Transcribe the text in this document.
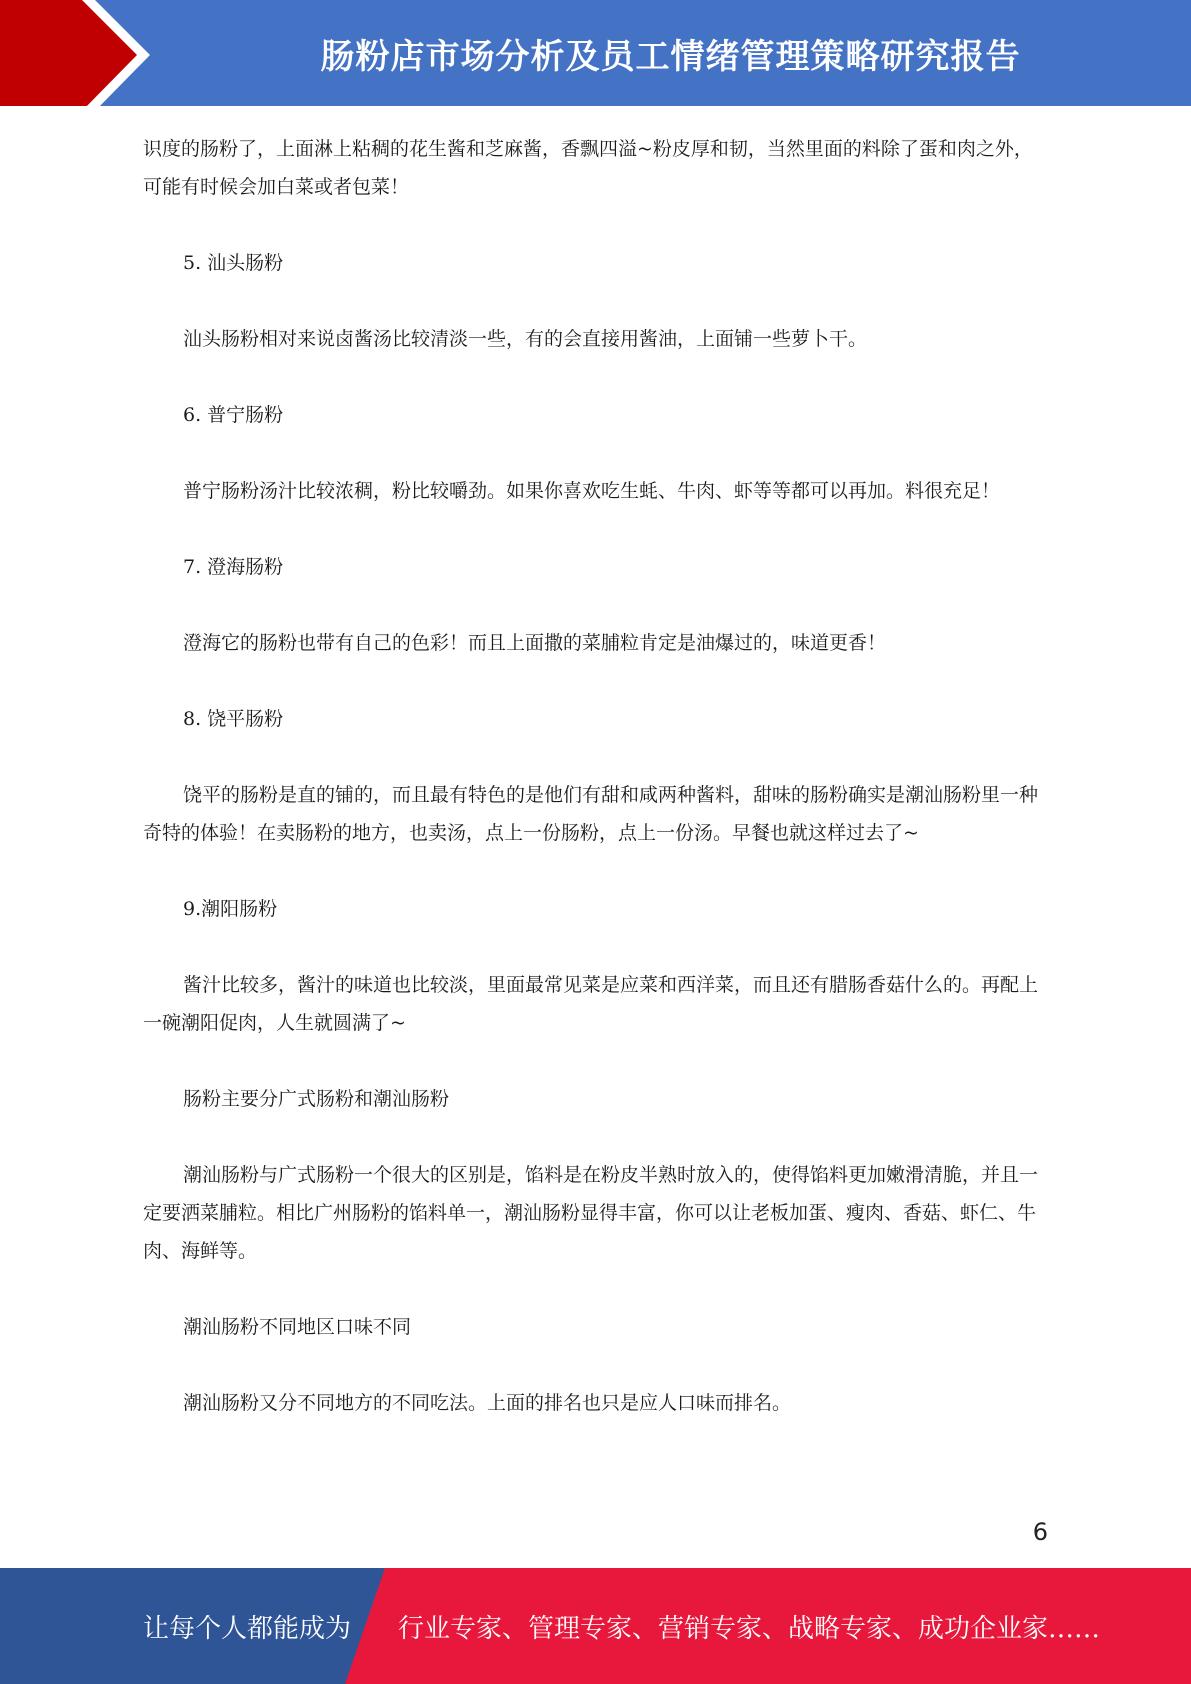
肠粉店市场分析及员工情绪管理策略研究报告

识度的肠粉了，上面淋上粘稠的花生酱和芝麻酱，香飘四溢~粉皮厚和韧，当然里面的料除了蛋和肉之外，可能有时候会加白菜或者包菜！

5. 汕头肠粉

汕头肠粉相对来说卤酱汤比较清淡一些，有的会直接用酱油，上面铺一些萝卜干。

6. 普宁肠粉

普宁肠粉汤汁比较浓稠，粉比较嚼劲。如果你喜欢吃生蚝、牛肉、虾等等都可以再加。料很充足！

7. 澄海肠粉

澄海它的肠粉也带有自己的色彩！而且上面撒的菜脯粒肯定是油爆过的，味道更香！

8. 饶平肠粉

饶平的肠粉是直的铺的，而且最有特色的是他们有甜和咸两种酱料，甜味的肠粉确实是潮汕肠粉里一种奇特的体验！在卖肠粉的地方，也卖汤，点上一份肠粉，点上一份汤。早餐也就这样过去了~

9.潮阳肠粉

酱汁比较多，酱汁的味道也比较淡，里面最常见菜是应菜和西洋菜，而且还有腊肠香菇什么的。再配上一碗潮阳促肉，人生就圆满了~

肠粉主要分广式肠粉和潮汕肠粉

潮汕肠粉与广式肠粉一个很大的区别是，馅料是在粉皮半熟时放入的，使得馅料更加嫩滑清脆，并且一定要洒菜脯粒。相比广州肠粉的馅料单一，潮汕肠粉显得丰富，你可以让老板加蛋、瘦肉、香菇、虾仁、牛肉、海鲜等。

潮汕肠粉不同地区口味不同

潮汕肠粉又分不同地方的不同吃法。上面的排名也只是应人口味而排名。

6
让每个人都能成为 行业专家、管理专家、营销专家、战略专家、成功企业家……
